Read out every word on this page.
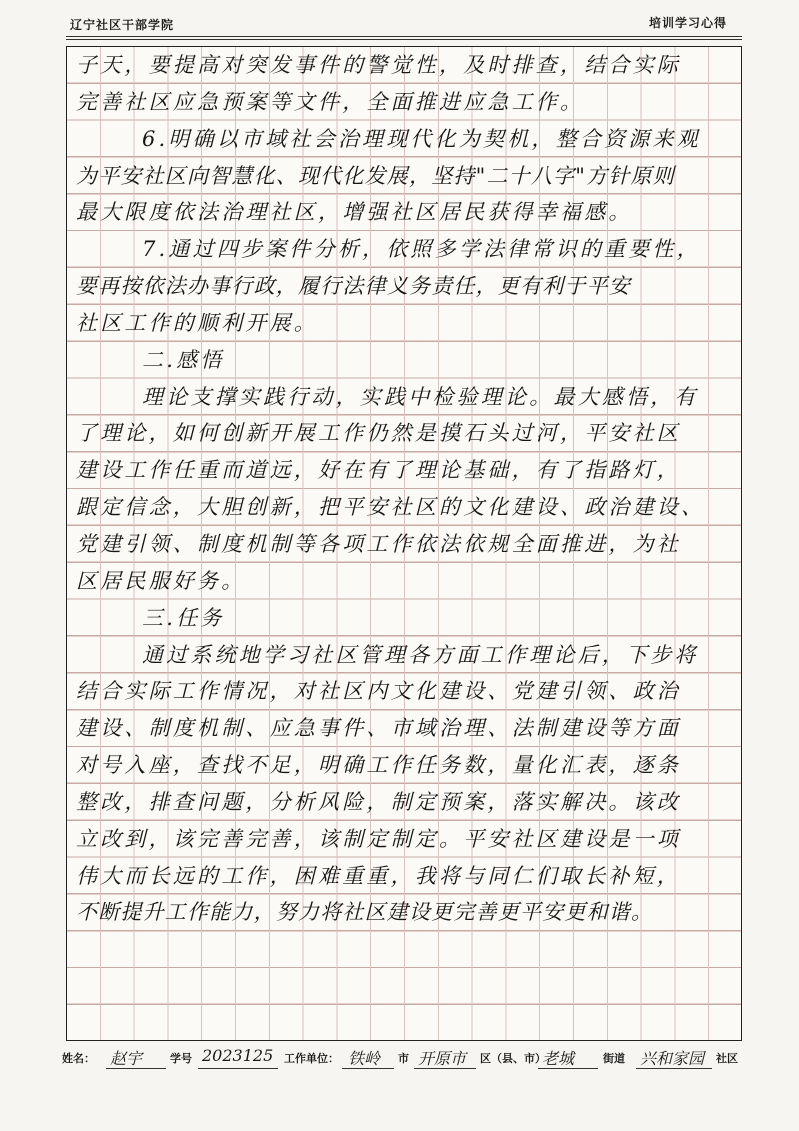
辽宁社区干部学院	培训学习心得
子天，要提高对突发事件的警觉性，及时排查，结合实际
完善社区应急预案等文件，全面推进应急工作。
6.明确以市域社会治理现代化为契机，整合资源来观
为平安社区向智慧化、现代化发展，坚持"二十八字"方针原则
最大限度依法治理社区，增强社区居民获得幸福感。
7.通过四步案件分析，依照多学法律常识的重要性，
要再按依法办事行政，履行法律义务责任，更有利于平安
社区工作的顺利开展。
二.感悟
理论支撑实践行动，实践中检验理论。最大感悟，有
了理论，如何创新开展工作仍然是摸石头过河，平安社区
建设工作任重而道远，好在有了理论基础，有了指路灯，
跟定信念，大胆创新，把平安社区的文化建设、政治建设、
党建引领、制度机制等各项工作依法依规全面推进，为社
区居民服好务。
三.任务
通过系统地学习社区管理各方面工作理论后，下步将
结合实际工作情况，对社区内文化建设、党建引领、政治
建设、制度机制、应急事件、市域治理、法制建设等方面
对号入座，查找不足，明确工作任务数，量化汇表，逐条
整改，排查问题，分析风险，制定预案，落实解决。该改
立改到，该完善完善，该制定制定。平安社区建设是一项
伟大而长远的工作，困难重重，我将与同仁们取长补短，
不断提升工作能力，努力将社区建设更完善更平安更和谐。
姓名： 赵宇	学号 2023125 工作单位： 铁岭 市 开原市 区（县、市）
老城	街道 兴和家园 社区
